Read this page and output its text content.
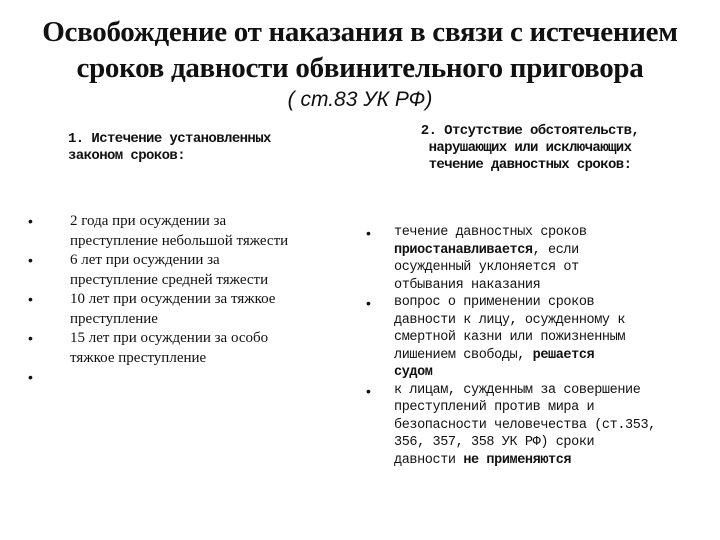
Освобождение от наказания в связи с истечением
сроков давности обвинительного приговора
( ст.83 УК РФ)
1. Истечение установленных
законом сроков:
• 2 года при осуждении за
преступление небольшой тяжести
• 6 лет при осуждении за
преступление средней тяжести
• 10 лет при осуждении за тяжкое
преступление
• 15 лет при осуждении за особо
тяжкое преступление
•
2. Отсутствие обстоятельств,
нарушающих или исключающих
течение давностных сроков:
• течение давностных сроков
приостанавливается, если
осужденный уклоняется от
отбывания наказания
• вопрос о применении сроков
давности к лицу, осужденному к
смертной казни или пожизненным
лишением свободы, решается
судом
• к лицам, сужденным за совершение
преступлений против мира и
безопасности человечества (ст.353,
356, 357, 358 УК РФ) сроки
давности не применяются
